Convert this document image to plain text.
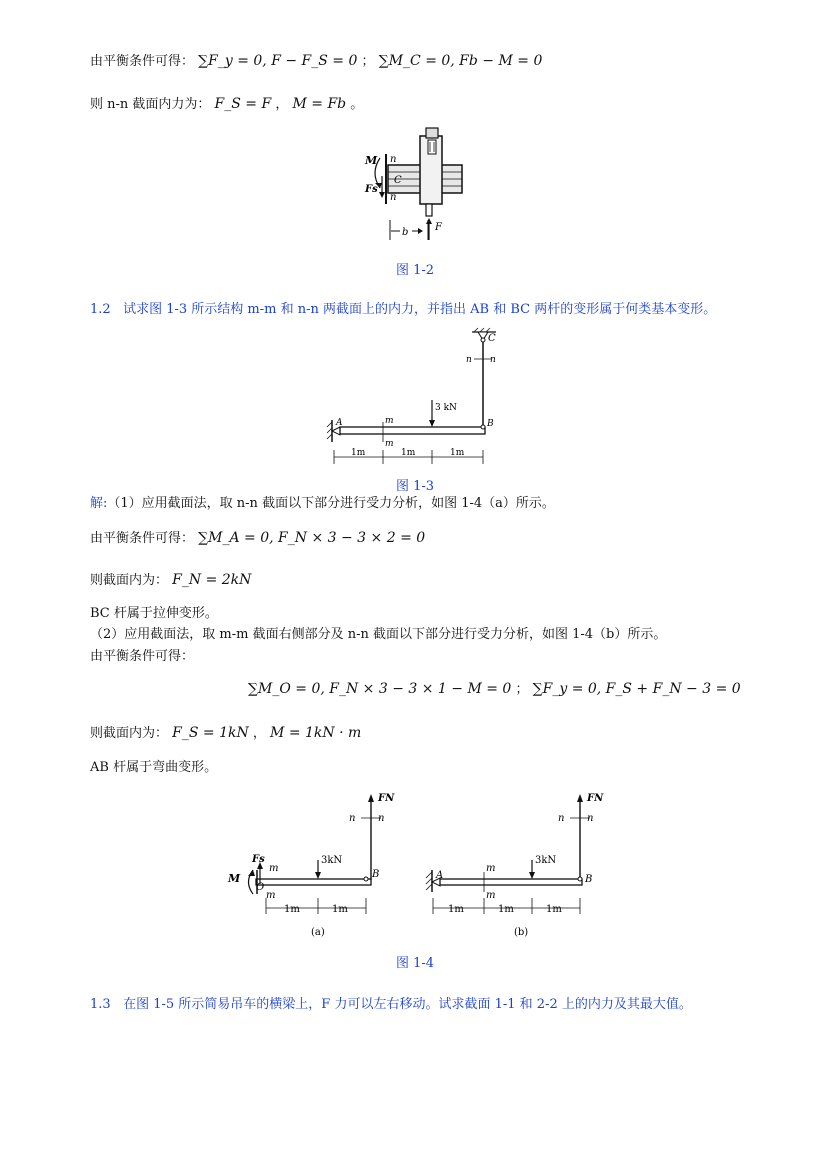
由平衡条件可得： ∑F_y = 0, F − F_S = 0 ； ∑M_C = 0, Fb − M = 0
则 n-n 截面内力为： F_S = F ， M = Fb 。
M n
n
C
Fs
b	F
图 1-2
1.2 试求图 1-3 所示结构 m-m 和 n-n 两截面上的内力，并指出 AB 和 BC 两杆的变形属于何类基本变形。
C
n n
3 kN
m
m
A	B
1m	1m	1m
图 1-3
解:（1）应用截面法，取 n-n 截面以下部分进行受力分析，如图 1-4（a）所示。
由平衡条件可得： ∑M_A = 0, F_N × 3 − 3 × 2 = 0
则截面内为： F_N = 2kN
BC 杆属于拉伸变形。
（2）应用截面法，取 m-m 截面右侧部分及 n-n 截面以下部分进行受力分析，如图 1-4（b）所示。
由平衡条件可得：
∑M_O = 0, F_N × 3 − 3 × 1 − M = 0 ； ∑F_y = 0, F_S + F_N − 3 = 0
则截面内为： F_S = 1kN ， M = 1kN · m
AB 杆属于弯曲变形。
FN
n n
Fs
m
3kN
B
M
O
m
1m	1m
(a)
FN
n n
m
3kN
A	B
m
1m	1m	1m
(b)
图 1-4
1.3 在图 1-5 所示简易吊车的横梁上，F 力可以左右移动。试求截面 1-1 和 2-2 上的内力及其最大值。
